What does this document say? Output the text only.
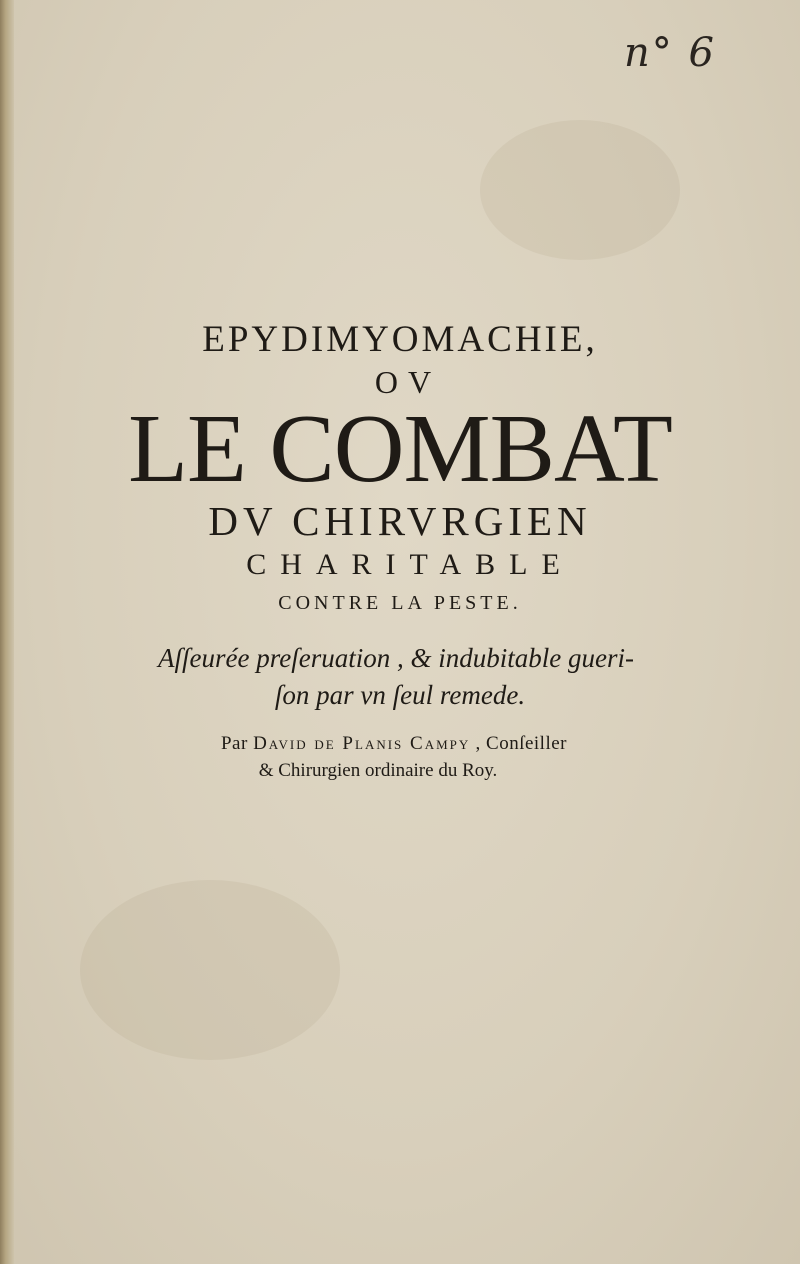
n° 6
EPYDIMYOMACHIE,
OV
LE COMBAT
DV CHIRVRGIEN
CHARITABLE
CONTRE LA PESTE.
Aſſeurée preſeruation , & indubitable gueri-
ſon par vn ſeul remede.
Par David de Planis Campy , Conſeiller
& Chirurgien ordinaire du Roy.
